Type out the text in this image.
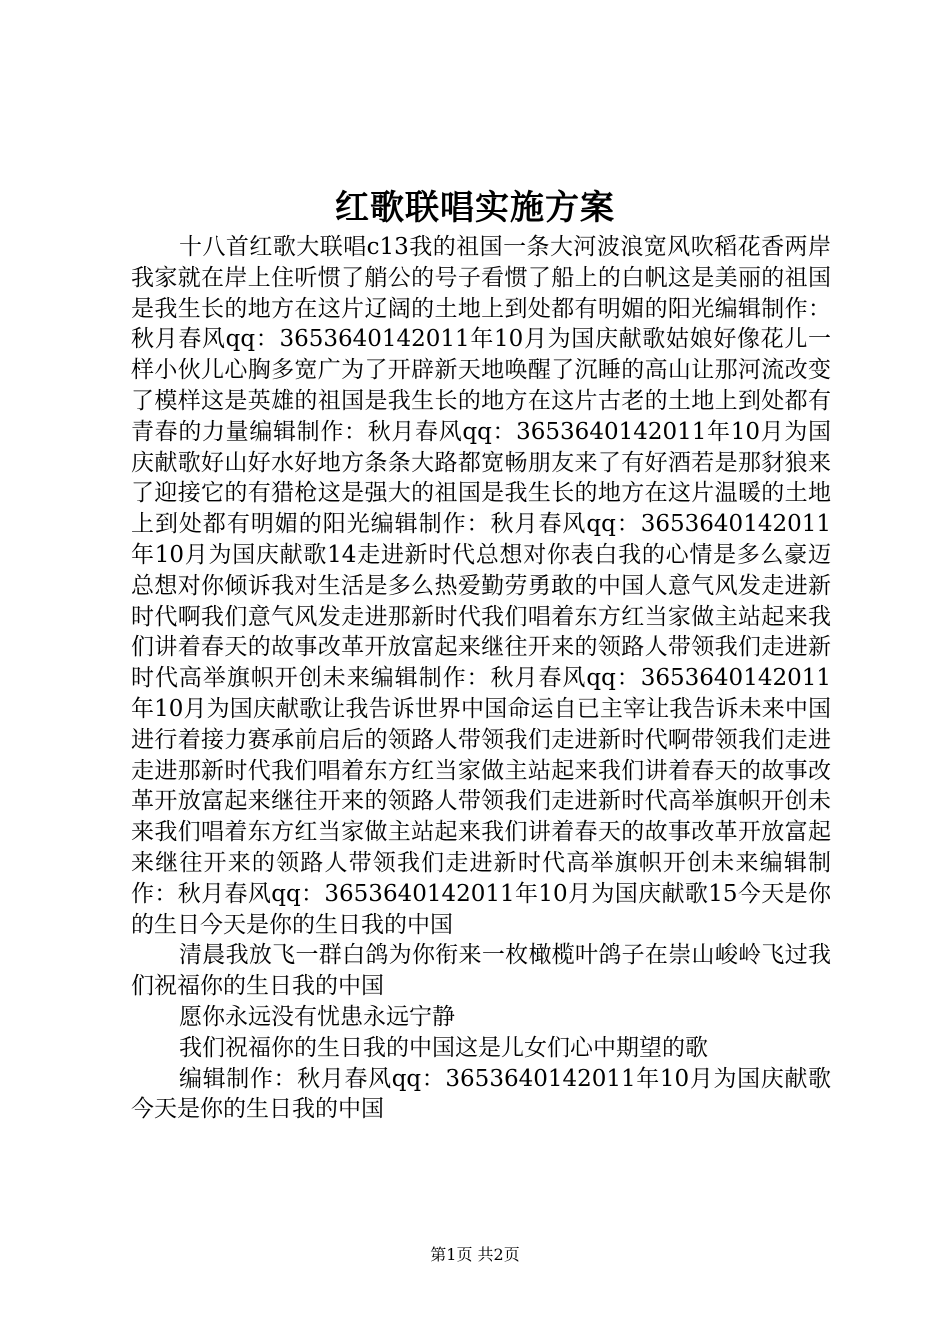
红歌联唱实施方案

十八首红歌大联唱c13我的祖国一条大河波浪宽风吹稻花香两岸我家就在岸上住听惯了艄公的号子看惯了船上的白帆这是美丽的祖国是我生长的地方在这片辽阔的土地上到处都有明媚的阳光编辑制作：秋月春风qq：3653640142011年10月为国庆献歌姑娘好像花儿一样小伙儿心胸多宽广为了开辟新天地唤醒了沉睡的高山让那河流改变了模样这是英雄的祖国是我生长的地方在这片古老的土地上到处都有青春的力量编辑制作：秋月春风qq：3653640142011年10月为国庆献歌好山好水好地方条条大路都宽畅朋友来了有好酒若是那豺狼来了迎接它的有猎枪这是强大的祖国是我生长的地方在这片温暖的土地上到处都有明媚的阳光编辑制作：秋月春风qq：3653640142011年10月为国庆献歌14走进新时代总想对你表白我的心情是多么豪迈总想对你倾诉我对生活是多么热爱勤劳勇敢的中国人意气风发走进新时代啊我们意气风发走进那新时代我们唱着东方红当家做主站起来我们讲着春天的故事改革开放富起来继往开来的领路人带领我们走进新时代高举旗帜开创未来编辑制作：秋月春风qq：3653640142011年10月为国庆献歌让我告诉世界中国命运自已主宰让我告诉未来中国进行着接力赛承前启后的领路人带领我们走进新时代啊带领我们走进走进那新时代我们唱着东方红当家做主站起来我们讲着春天的故事改革开放富起来继往开来的领路人带领我们走进新时代高举旗帜开创未来我们唱着东方红当家做主站起来我们讲着春天的故事改革开放富起来继往开来的领路人带领我们走进新时代高举旗帜开创未来编辑制作：秋月春风qq：3653640142011年10月为国庆献歌15今天是你的生日今天是你的生日我的中国

清晨我放飞一群白鸽为你衔来一枚橄榄叶鸽子在崇山峻岭飞过我们祝福你的生日我的中国

愿你永远没有忧患永远宁静

我们祝福你的生日我的中国这是儿女们心中期望的歌

编辑制作：秋月春风qq：3653640142011年10月为国庆献歌今天是你的生日我的中国

第1页 共2页
